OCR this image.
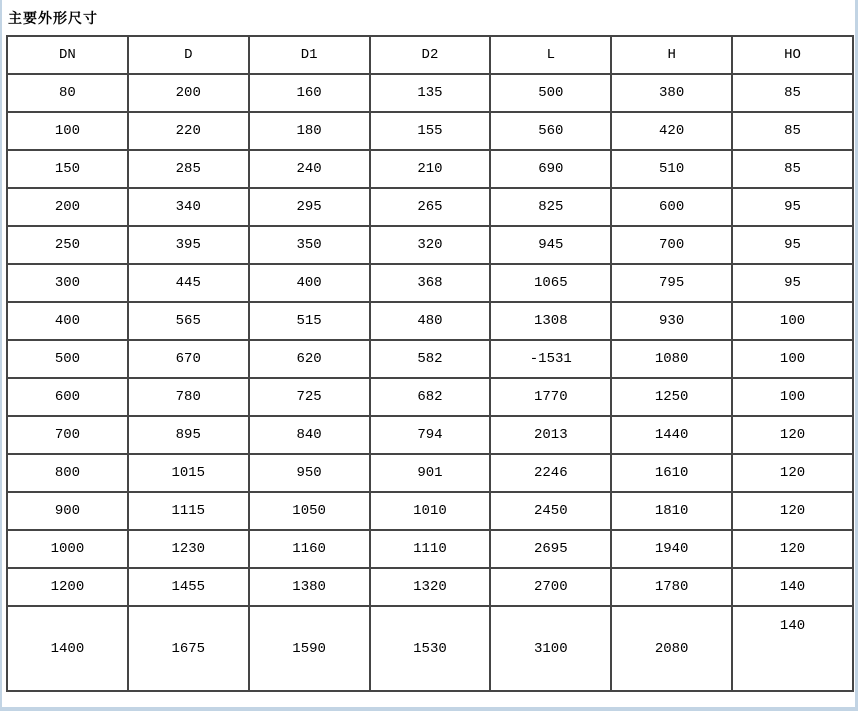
主要外形尺寸
DN	D	D1	D2	L	H	HO
80	200	160	135	500	380	85
100	220	180	155	560	420	85
150	285	240	210	690	510	85
200	340	295	265	825	600	95
250	395	350	320	945	700	95
300	445	400	368	1065	795	95
400	565	515	480	1308	930	100
500	670	620	582	-1531	1080	100
600	780	725	682	1770	1250	100
700	895	840	794	2013	1440	120
800	1015	950	901	2246	1610	120
900	1115	1050	1010	2450	1810	120
1000	1230	1160	1110	2695	1940	120
1200	1455	1380	1320	2700	1780	140
1400	1675	1590	1530	3100	2080	140
